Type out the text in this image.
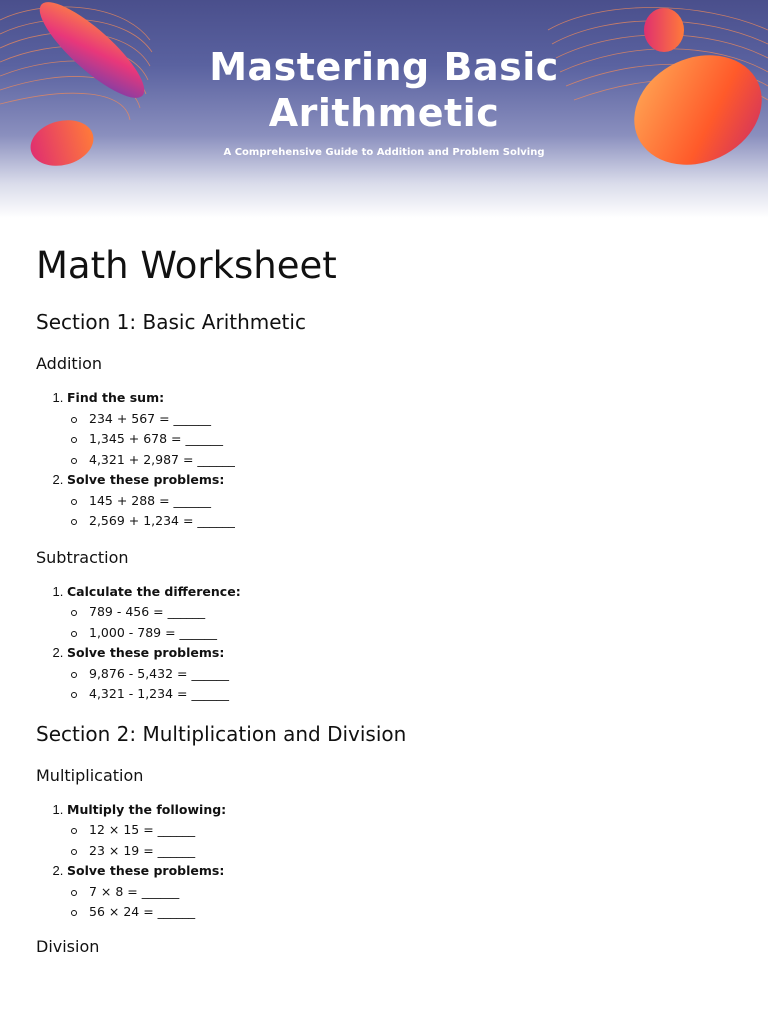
Mastering Basic
Arithmetic

A Comprehensive Guide to Addition and Problem Solving

Math Worksheet
Section 1: Basic Arithmetic
Addition
1. Find the sum:
234 + 567 = ______
1,345 + 678 = ______
4,321 + 2,987 = ______
2. Solve these problems:
145 + 288 = ______
2,569 + 1,234 = ______
Subtraction
1. Calculate the difference:
789 - 456 = ______
1,000 - 789 = ______
2. Solve these problems:
9,876 - 5,432 = ______
4,321 - 1,234 = ______
Section 2: Multiplication and Division
Multiplication
1. Multiply the following:
12 × 15 = ______
23 × 19 = ______
2. Solve these problems:
7 × 8 = ______
56 × 24 = ______
Division
